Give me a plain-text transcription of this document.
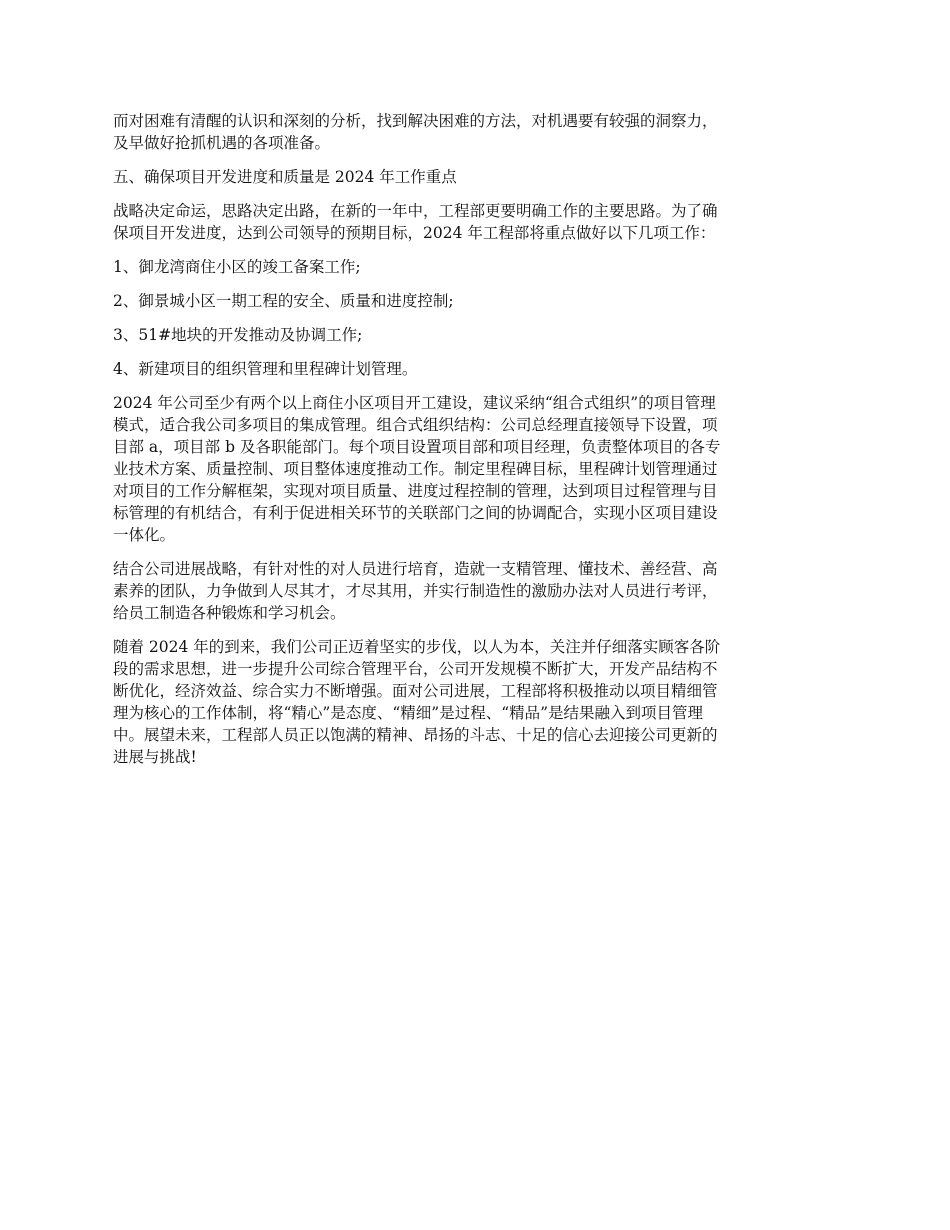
而对困难有清醒的认识和深刻的分析，找到解决困难的方法，对机遇要有较强的洞察力，
及早做好抢抓机遇的各项准备。

五、确保项目开发进度和质量是 2024 年工作重点

战略决定命运，思路决定出路，在新的一年中，工程部更要明确工作的主要思路。为了确
保项目开发进度，达到公司领导的预期目标，2024 年工程部将重点做好以下几项工作：

1、御龙湾商住小区的竣工备案工作;

2、御景城小区一期工程的安全、质量和进度控制;

3、51#地块的开发推动及协调工作;

4、新建项目的组织管理和里程碑计划管理。

2024 年公司至少有两个以上商住小区项目开工建设，建议采纳“组合式组织”的项目管理
模式，适合我公司多项目的集成管理。组合式组织结构：公司总经理直接领导下设置，项
目部 a，项目部 b 及各职能部门。每个项目设置项目部和项目经理，负责整体项目的各专
业技术方案、质量控制、项目整体速度推动工作。制定里程碑目标，里程碑计划管理通过
对项目的工作分解框架，实现对项目质量、进度过程控制的管理，达到项目过程管理与目
标管理的有机结合，有利于促进相关环节的关联部门之间的协调配合，实现小区项目建设
一体化。

结合公司进展战略，有针对性的对人员进行培育，造就一支精管理、懂技术、善经营、高
素养的团队，力争做到人尽其才，才尽其用，并实行制造性的激励办法对人员进行考评，
给员工制造各种锻炼和学习机会。

随着 2024 年的到来，我们公司正迈着坚实的步伐，以人为本，关注并仔细落实顾客各阶
段的需求思想，进一步提升公司综合管理平台，公司开发规模不断扩大，开发产品结构不
断优化，经济效益、综合实力不断增强。面对公司进展，工程部将积极推动以项目精细管
理为核心的工作体制，将“精心”是态度、“精细”是过程、“精品”是结果融入到项目管理
中。展望未来，工程部人员正以饱满的精神、昂扬的斗志、十足的信心去迎接公司更新的
进展与挑战!
